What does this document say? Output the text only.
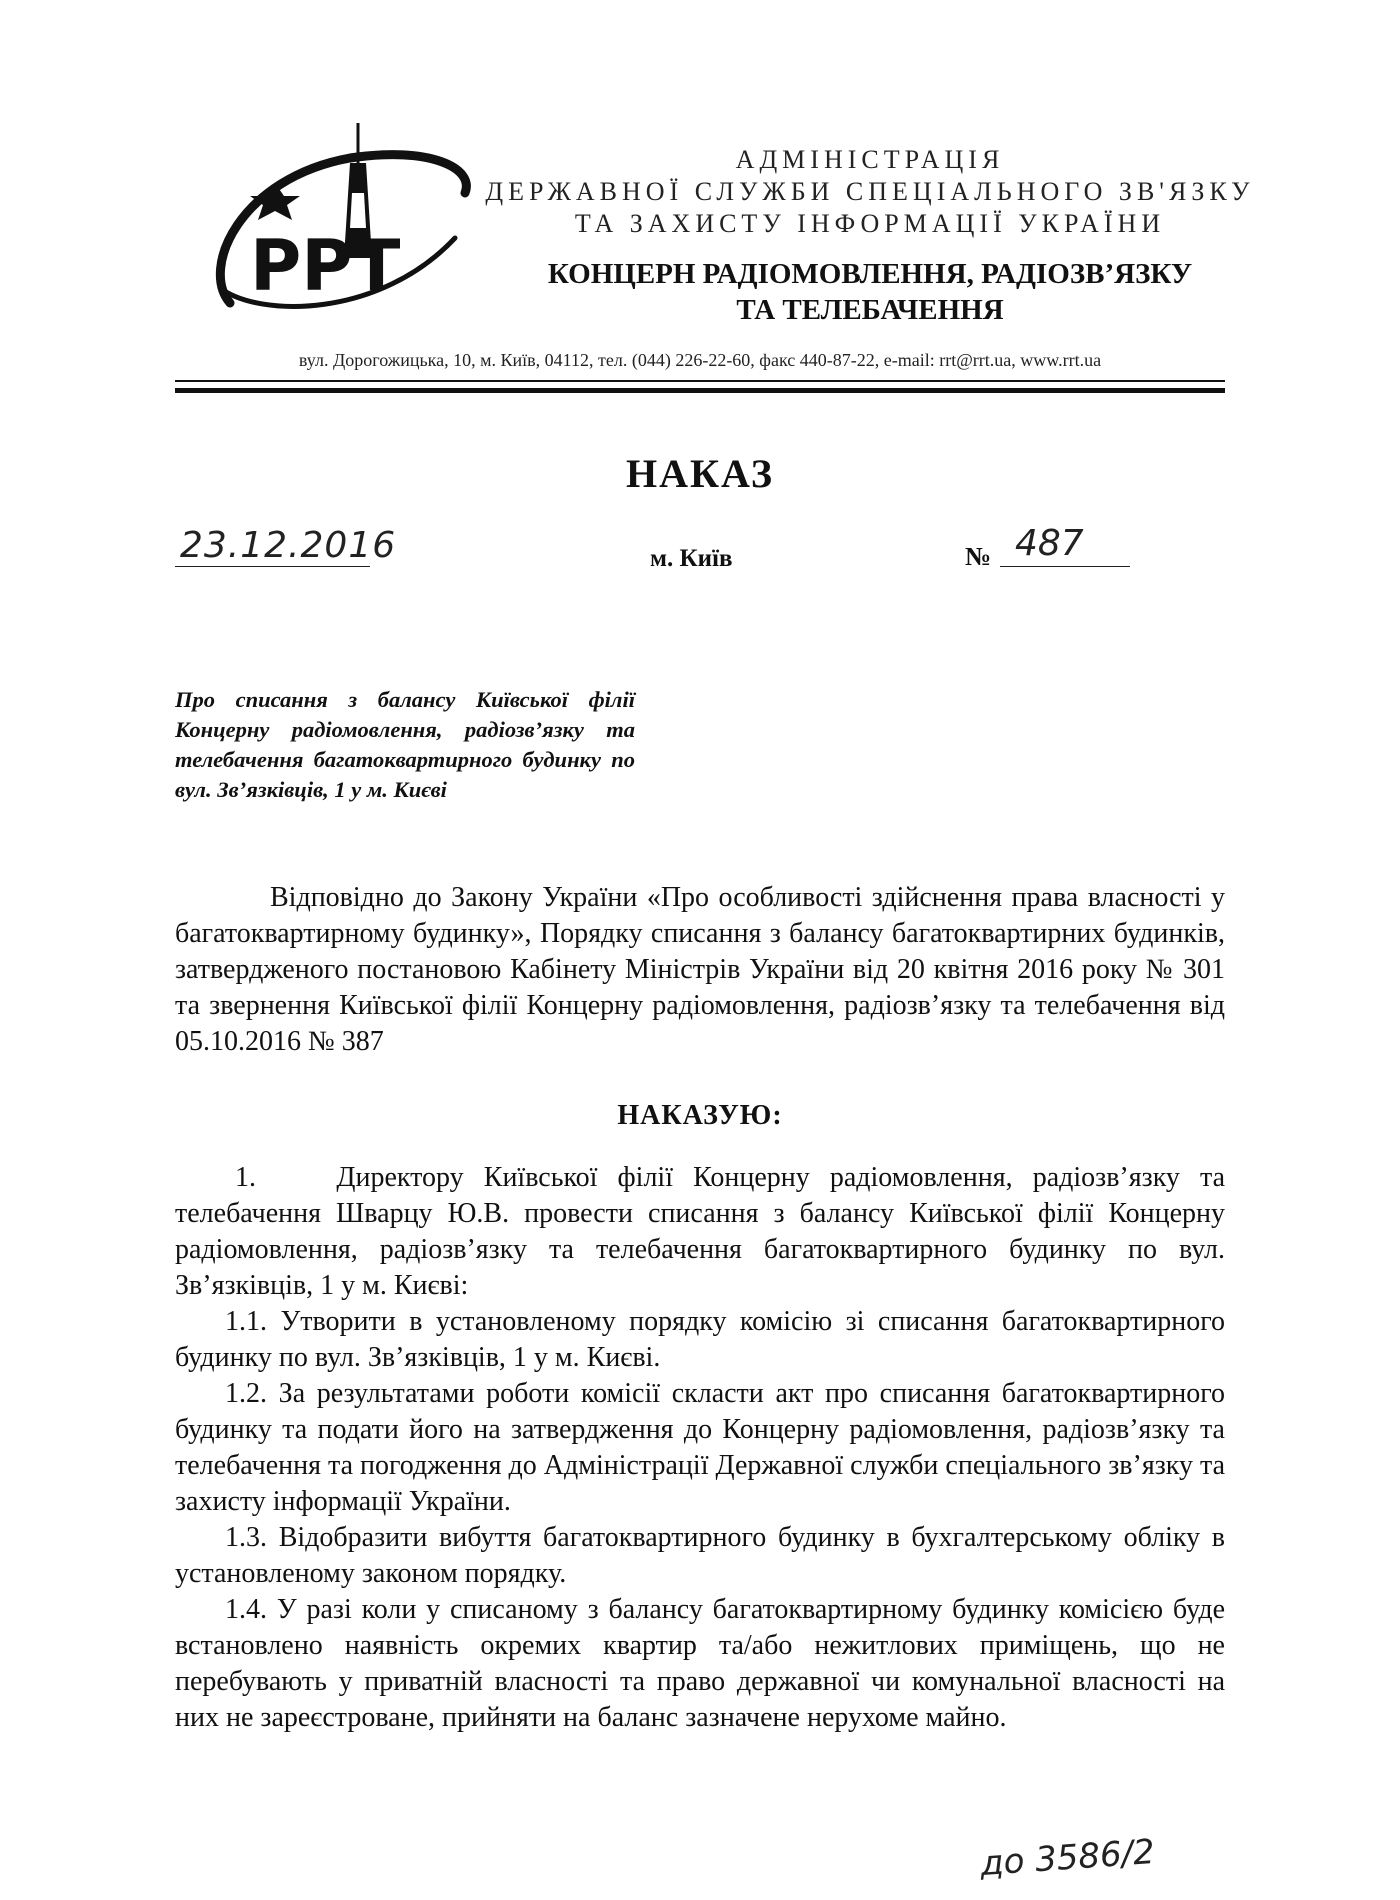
РРТ
АДМІНІСТРАЦІЯ
ДЕРЖАВНОЇ СЛУЖБИ СПЕЦІАЛЬНОГО ЗВ'ЯЗКУ
ТА ЗАХИСТУ ІНФОРМАЦІЇ УКРАЇНИ
КОНЦЕРН РАДІОМОВЛЕННЯ, РАДІОЗВ’ЯЗКУ
ТА ТЕЛЕБАЧЕННЯ
вул. Дорогожицька, 10, м. Київ, 04112, тел. (044) 226-22-60, факс 440-87-22, e-mail: rrt@rrt.ua, www.rrt.ua
НАКАЗ
23.12.2016	м. Київ	№ 487
Про списання з балансу Київської філії Концерну радіомовлення, радіозв’язку та телебачення багатоквартирного будинку по вул. Зв’язківців, 1 у м. Києві

Відповідно до Закону України «Про особливості здійснення права власності у багатоквартирному будинку», Порядку списання з балансу багатоквартирних будинків, затвердженого постановою Кабінету Міністрів України від 20 квітня 2016 року № 301 та звернення Київської філії Концерну радіомовлення, радіозв’язку та телебачення від 05.10.2016 № 387

НАКАЗУЮ:

1.	Директору Київської філії Концерну радіомовлення, радіозв’язку та телебачення Шварцу Ю.В. провести списання з балансу Київської філії Концерну радіомовлення, радіозв’язку та телебачення багатоквартирного будинку по вул. Зв’язківців, 1 у м. Києві:

1.1. Утворити в установленому порядку комісію зі списання багатоквартирного будинку по вул. Зв’язківців, 1 у м. Києві.

1.2. За результатами роботи комісії скласти акт про списання багатоквартирного будинку та подати його на затвердження до Концерну радіомовлення, радіозв’язку та телебачення та погодження до Адміністрації Державної служби спеціального зв’язку та захисту інформації України.

1.3. Відобразити вибуття багатоквартирного будинку в бухгалтерському обліку в установленому законом порядку.

1.4. У разі коли у списаному з балансу багатоквартирному будинку комісією буде встановлено наявність окремих квартир та/або нежитлових приміщень, що не перебувають у приватній власності та право державної чи комунальної власності на них не зареєстроване, прийняти на баланс зазначене нерухоме майно.

до 3586/2
